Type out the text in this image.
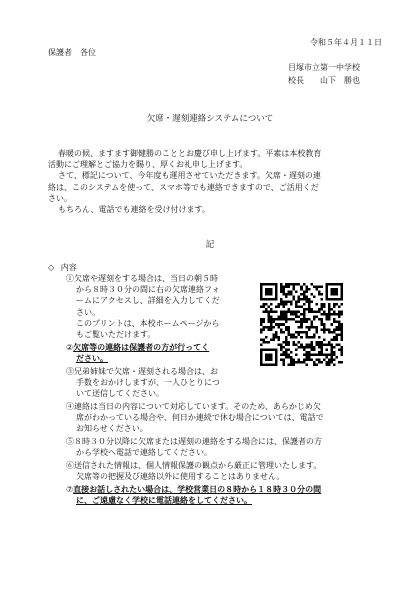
令和５年４月１１日
保護者　各位
目塚市立第一中学校
校長　　山下　勝也
欠席・遅刻連絡システムについて
春暖の候、ますます御健勝のこととお慶び申し上げます。平素は本校教育
活動にご理解とご協力を賜り、厚くお礼申し上げます。
さて、標記について、今年度も運用させていただきます。欠席・遅刻の連
絡は、このシステムを使って、スマホ等でも連絡できますので、ご活用くだ
さい。
もちろん、電話でも連絡を受け付けます。
記
◇ 内容
①欠席や遅刻をする場合は、当日の朝５時
から８時３０分の間に右の欠席連絡フォ
ームにアクセスし、詳細を入力してくだ
さい。
このプリントは、本校ホームページから
もご覧いただけます。
②欠席等の連絡は保護者の方が行ってく
ださい。
③兄弟姉妹で欠席・遅刻される場合は、お
手数をおかけしますが、一人ひとりにつ
いて送信してください。
④連絡は当日の内容について対応しています。そのため、あらかじめ欠
席がわかっている場合や、何日か連続で休む場合については、電話で
お知らせください。
⑤８時３０分以降に欠席または遅刻の連絡をする場合には、保護者の方
から学校へ電話で連絡してください。
⑥送信された情報は、個人情報保護の観点から厳正に管理いたします。
欠席等の把握及び連絡以外に使用することはありません。
⑦直接お話しされたい場合は、学校営業日の８時から１８時３０分の間
に、ご遠慮なく学校に電話連絡をしてください。
